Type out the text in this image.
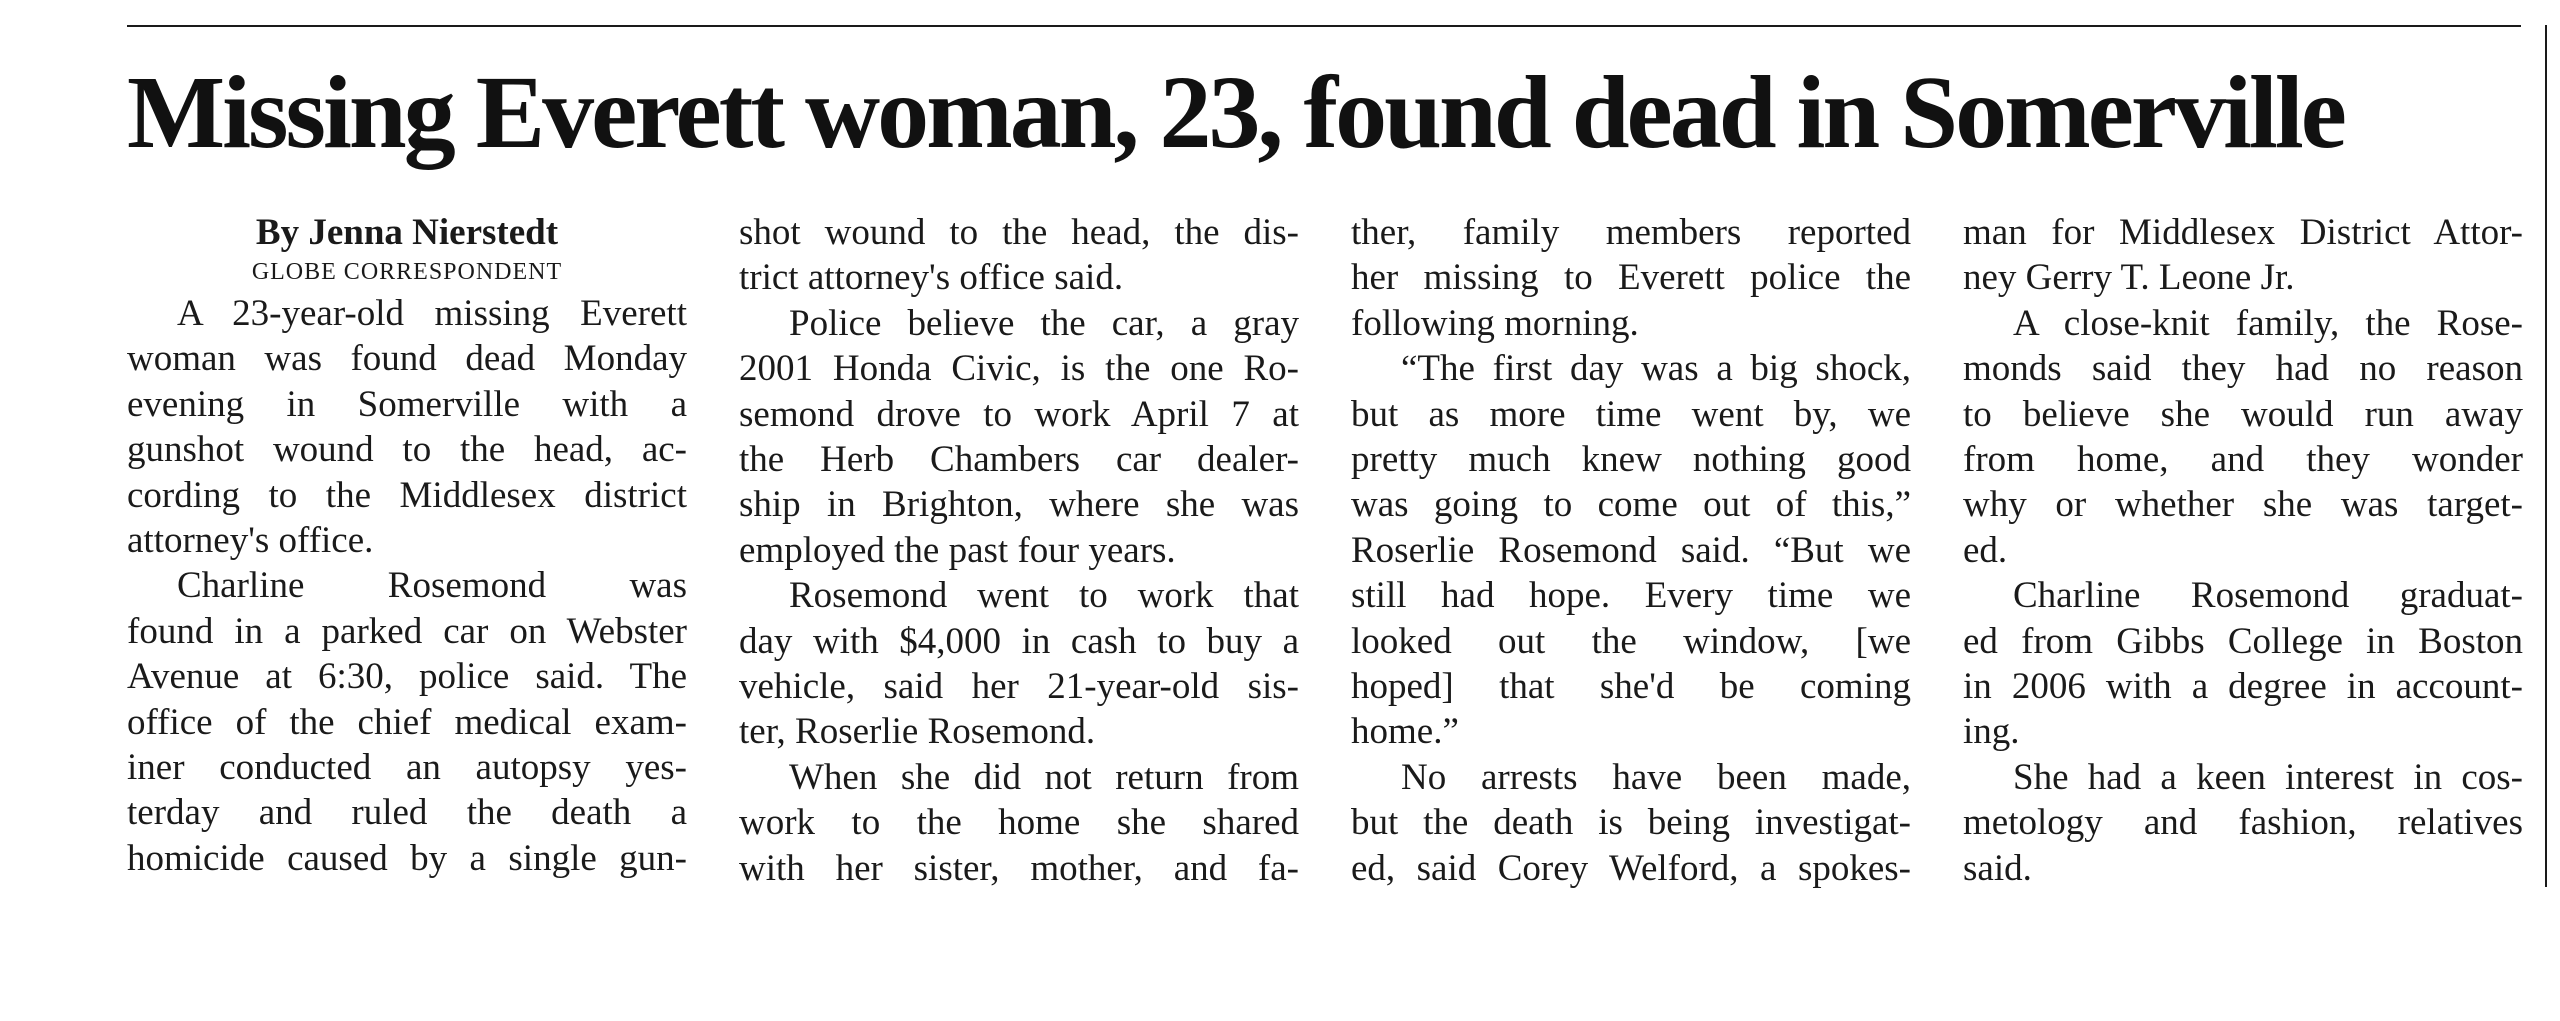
Missing Everett woman, 23, found dead in Somerville

By Jenna Nierstedt

GLOBE CORRESPONDENT

A 23-year-old missing Everett
woman was found dead Monday
evening in Somerville with a
gunshot wound to the head, ac-
cording to the Middlesex district
attorney's office.
Charline Rosemond was
found in a parked car on Webster
Avenue at 6:30, police said. The
office of the chief medical exam-
iner conducted an autopsy yes-
terday and ruled the death a
homicide caused by a single gun-
shot wound to the head, the dis-
trict attorney's office said.
Police believe the car, a gray
2001 Honda Civic, is the one Ro-
semond drove to work April 7 at
the Herb Chambers car dealer-
ship in Brighton, where she was
employed the past four years.
Rosemond went to work that
day with $4,000 in cash to buy a
vehicle, said her 21-year-old sis-
ter, Roserlie Rosemond.
When she did not return from
work to the home she shared
with her sister, mother, and fa-
ther, family members reported
her missing to Everett police the
following morning.
“The first day was a big shock,
but as more time went by, we
pretty much knew nothing good
was going to come out of this,”
Roserlie Rosemond said. “But we
still had hope. Every time we
looked out the window, [we
hoped] that she'd be coming
home.”
No arrests have been made,
but the death is being investigat-
ed, said Corey Welford, a spokes-
man for Middlesex District Attor-
ney Gerry T. Leone Jr.
A close-knit family, the Rose-
monds said they had no reason
to believe she would run away
from home, and they wonder
why or whether she was target-
ed.
Charline Rosemond graduat-
ed from Gibbs College in Boston
in 2006 with a degree in account-
ing.
She had a keen interest in cos-
metology and fashion, relatives
said.
